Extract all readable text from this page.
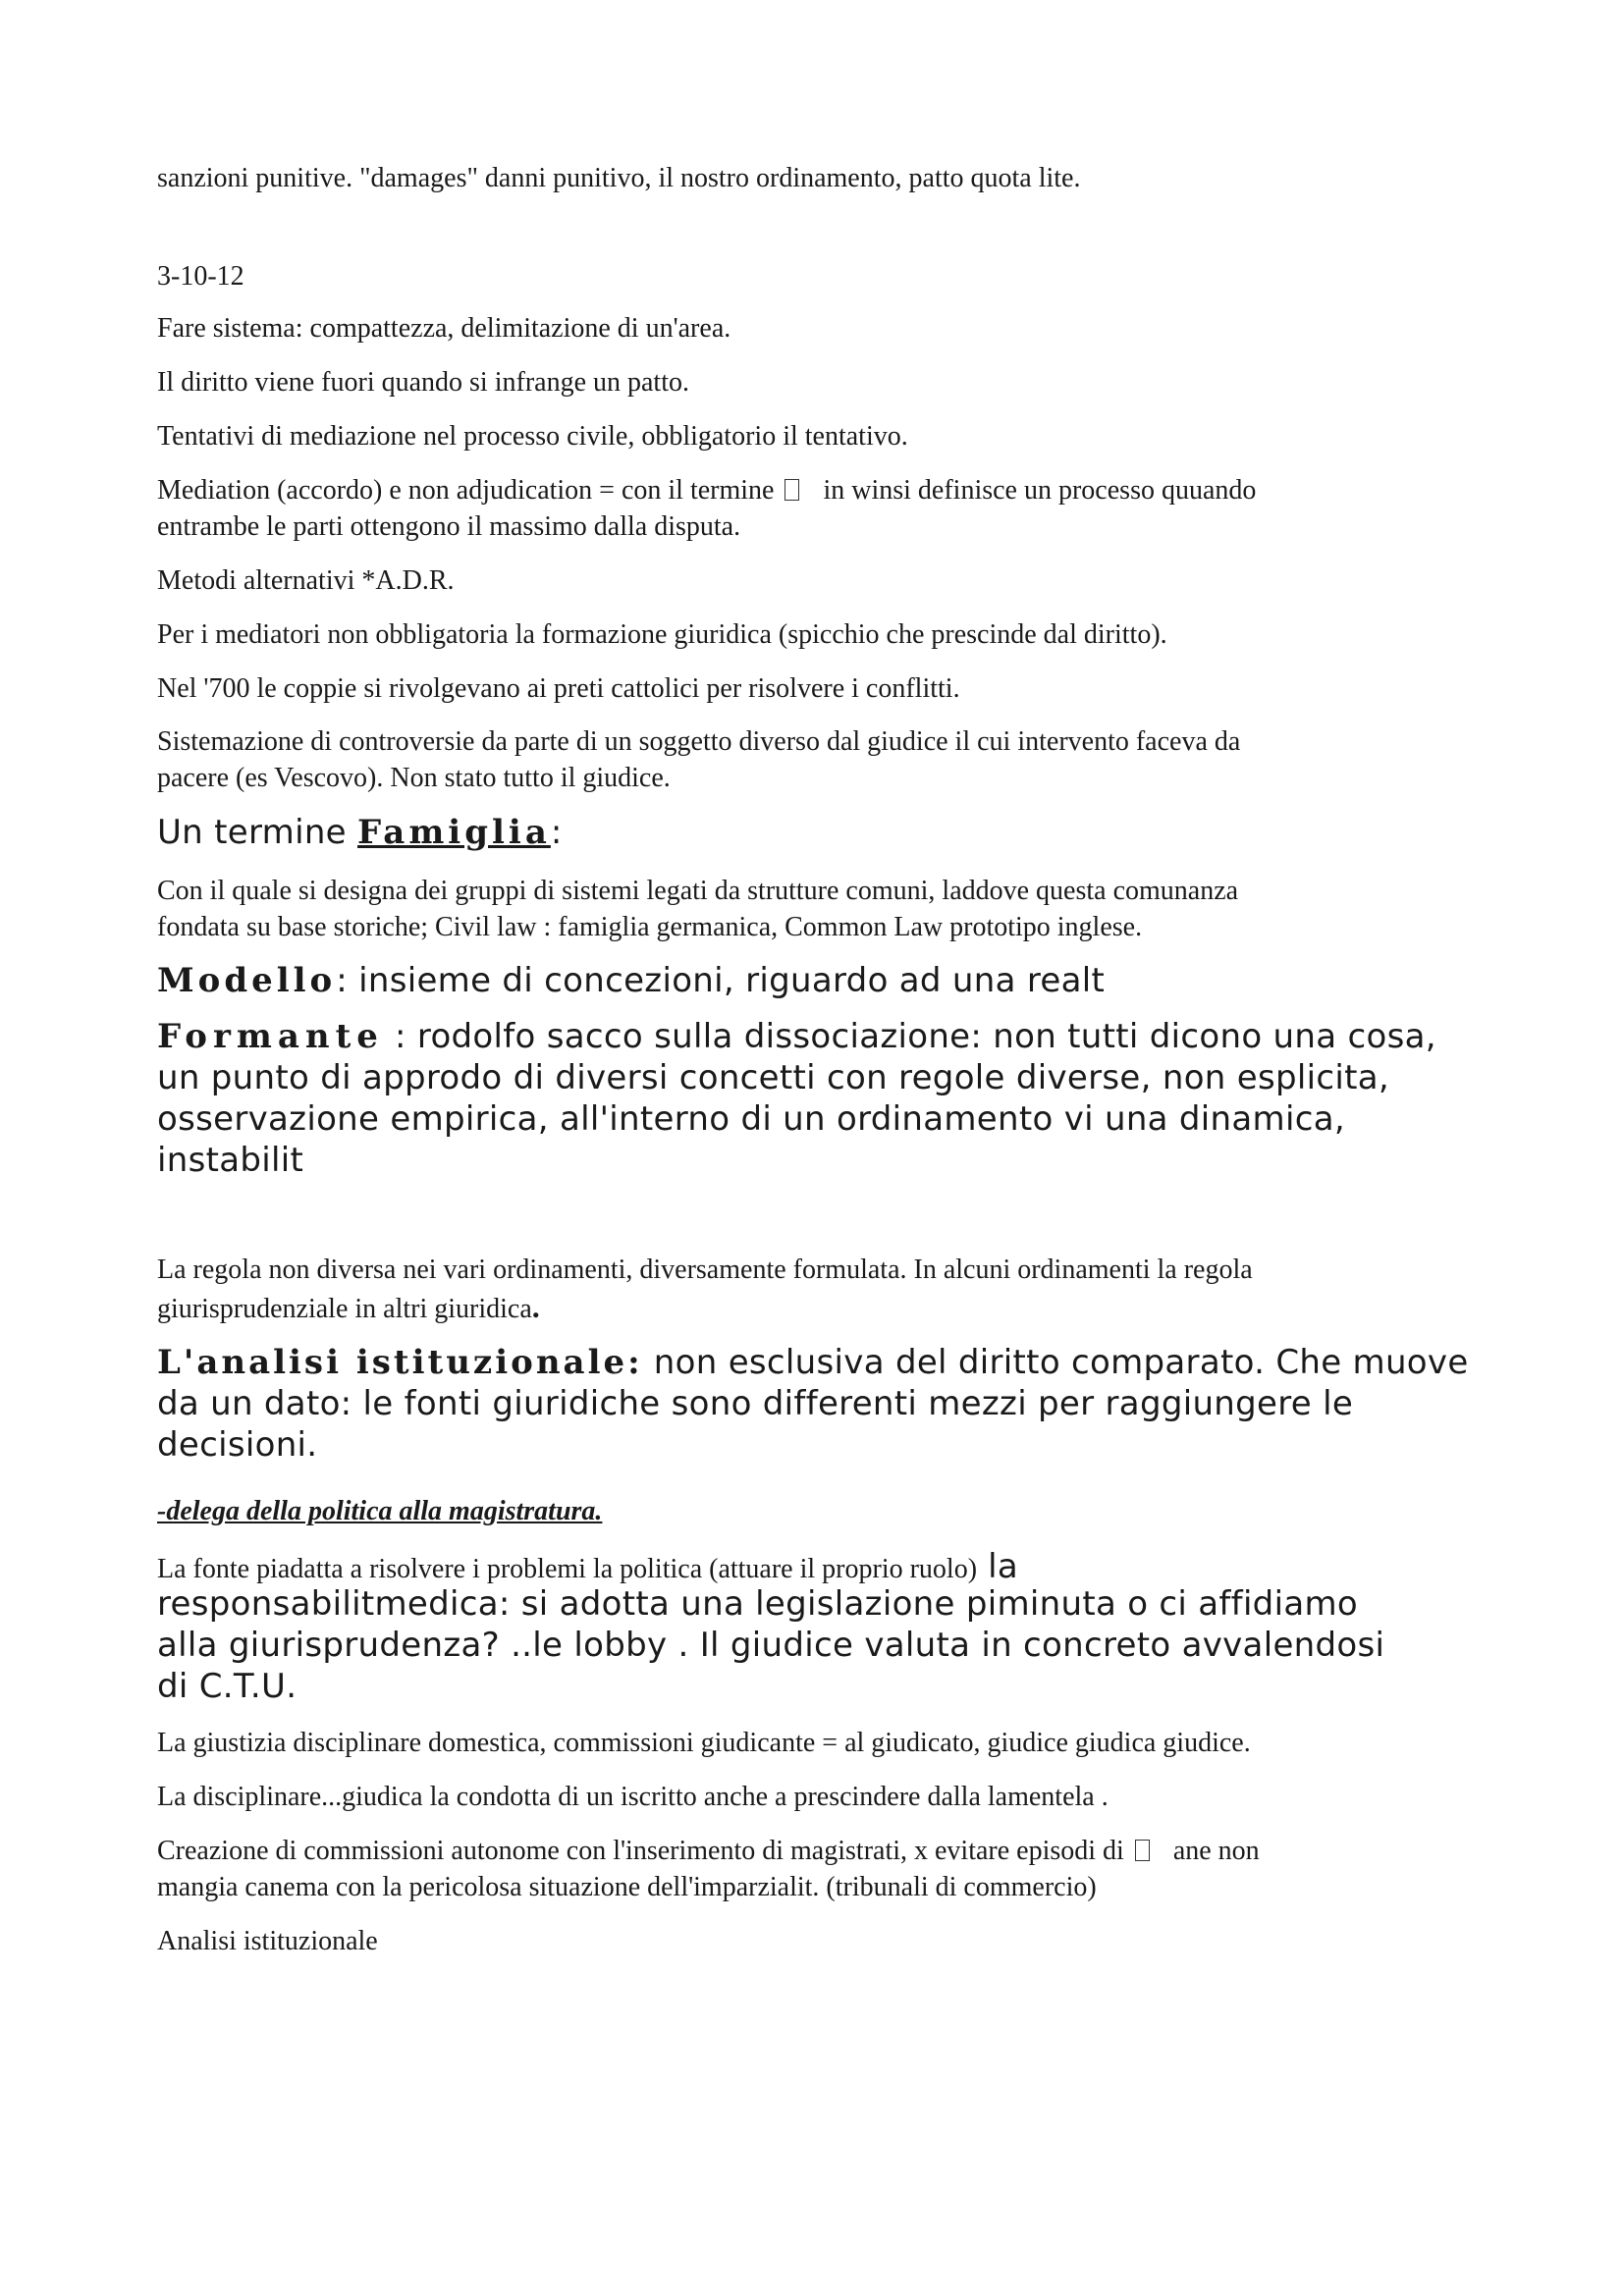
sanzioni punitive. "damages" danni punitivo, il nostro ordinamento, patto quota lite.

3-10-12

Fare sistema: compattezza, delimitazione di un'area.

Il diritto viene fuori quando si infrange un patto.

Tentativi di mediazione nel processo civile, obbligatorio il tentativo.

Mediation (accordo) e non adjudication = con il termine in winsi definisce un processo quuando

entrambe le parti ottengono il massimo dalla disputa.

Metodi alternativi *A.D.R.

Per i mediatori non obbligatoria la formazione giuridica (spicchio che prescinde dal diritto).

Nel '700 le coppie si rivolgevano ai preti cattolici per risolvere i conflitti.

Sistemazione di controversie da parte di un soggetto diverso dal giudice il cui intervento faceva da

pacere (es Vescovo). Non stato tutto il giudice.

Un termine Famiglia:

Con il quale si designa dei gruppi di sistemi legati da strutture comuni, laddove questa comunanza

fondata su base storiche; Civil law : famiglia germanica, Common Law prototipo inglese.

Modello: insieme di concezioni, riguardo ad una realt

Formante : rodolfo sacco sulla dissociazione: non tutti dicono una cosa,
un punto di approdo di diversi concetti con regole diverse, non esplicita,
osservazione empirica, all'interno di un ordinamento vi una dinamica,
instabilit

La regola non diversa nei vari ordinamenti, diversamente formulata. In alcuni ordinamenti la regola

giurisprudenziale in altri giuridica.

L'analisi istituzionale: non esclusiva del diritto comparato. Che muove
da un dato: le fonti giuridiche sono differenti mezzi per raggiungere le
decisioni.

-delega della politica alla magistratura.

La fonte piadatta a risolvere i problemi la politica (attuare il proprio ruolo) la

responsabilitmedica: si adotta una legislazione piminuta o ci affidiamo
alla giurisprudenza? ..le lobby . Il giudice valuta in concreto avvalendosi
di C.T.U.

La giustizia disciplinare domestica, commissioni giudicante = al giudicato, giudice giudica giudice.

La disciplinare...giudica la condotta di un iscritto anche a prescindere dalla lamentela .

Creazione di commissioni autonome con l'inserimento di magistrati, x evitare episodi di ane non

mangia canema con la pericolosa situazione dell'imparzialit. (tribunali di commercio)

Analisi istituzionale
